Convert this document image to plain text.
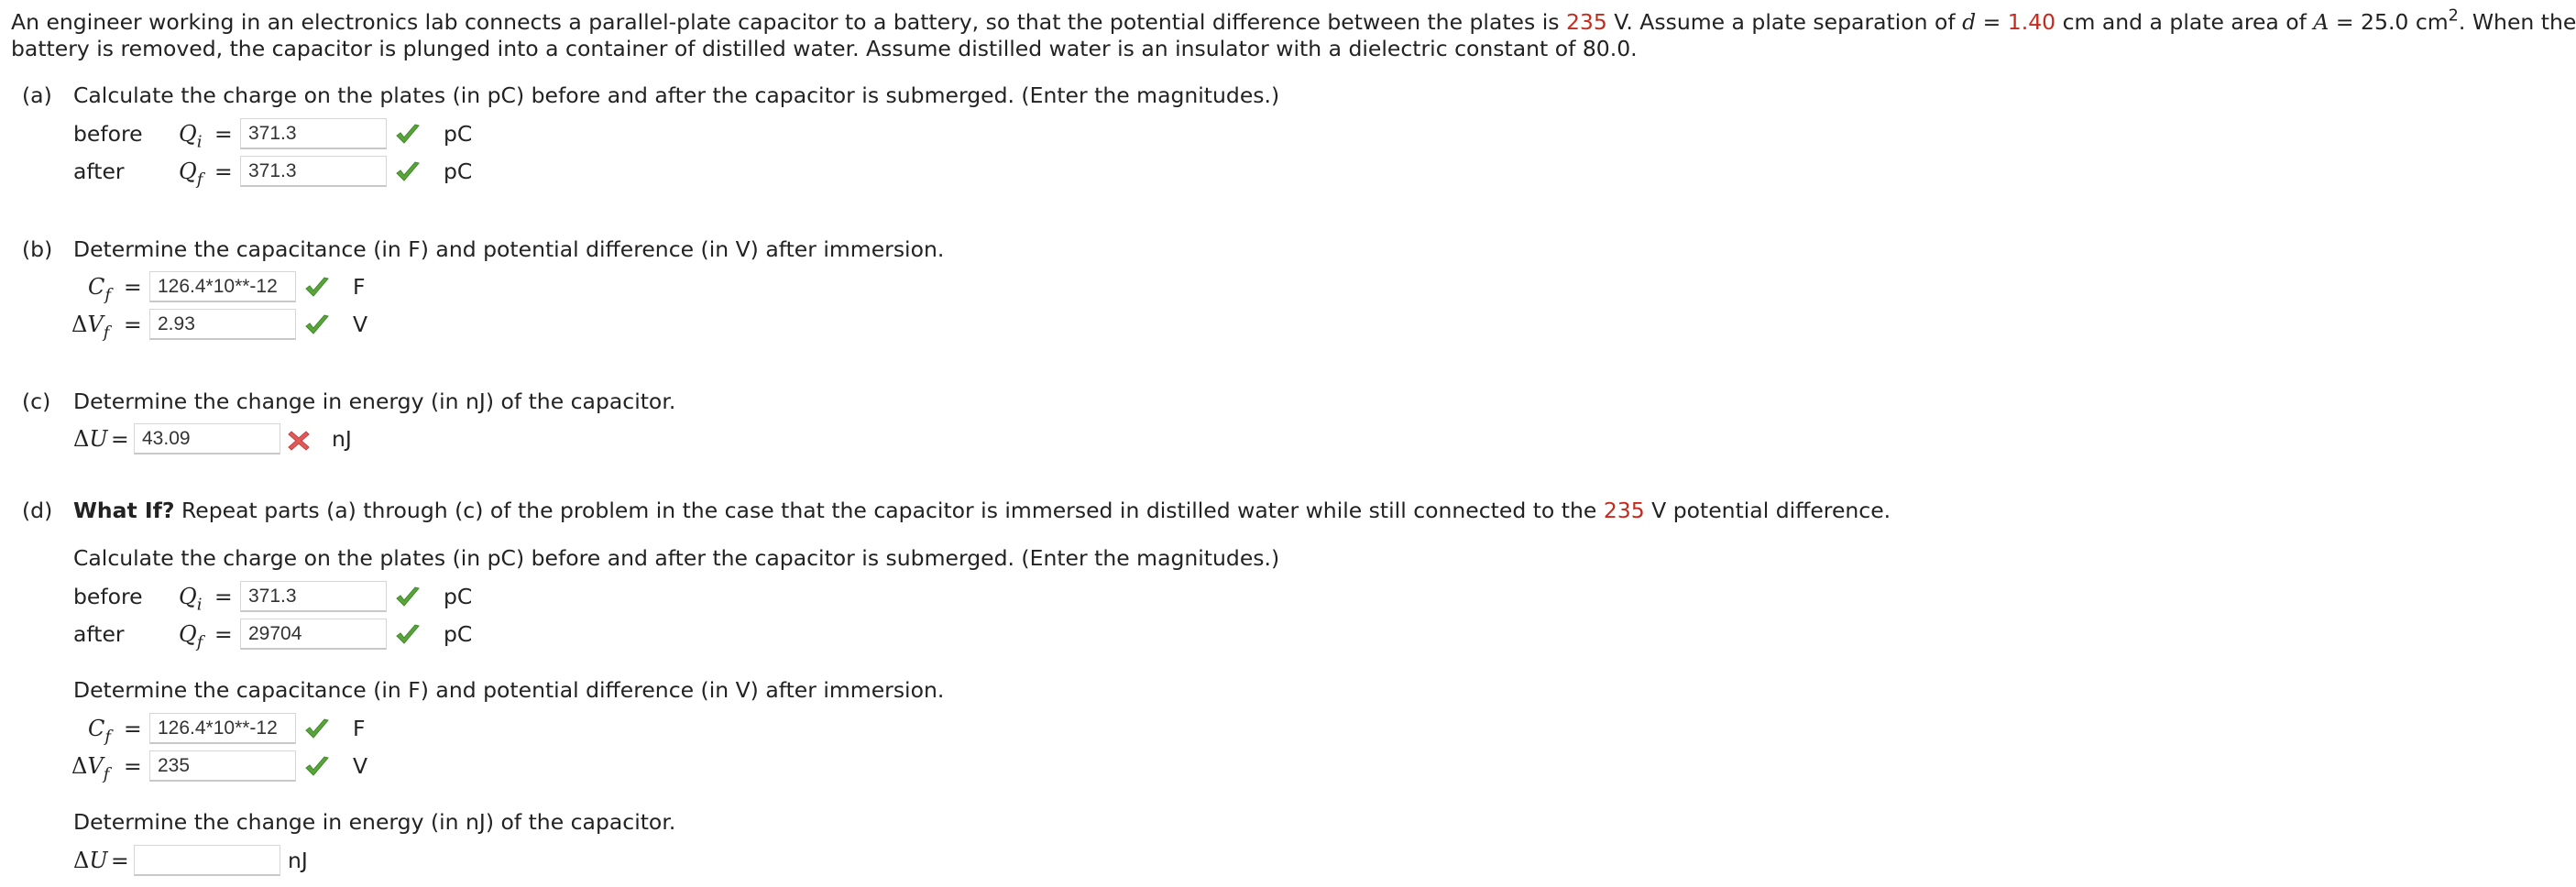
An engineer working in an electronics lab connects a parallel-plate capacitor to a battery, so that the potential difference between the plates is 235 V. Assume a plate separation of d = 1.40 cm and a plate area of A = 25.0 $cm^2$. When the
battery is removed, the capacitor is plunged into a container of distilled water. Assume distilled water is an insulator with a dielectric constant of 80.0.
(a) Calculate the charge on the plates (in pC) before and after the capacitor is submerged. (Enter the magnitudes.)
before $Q_i$ =
371.3	pC
after $Q_f$ =
371.3	pC
(b) Determine the capacitance (in F) and potential difference (in V) after immersion.
$C_f$ =
126.4*10**-12	F
$\Delta V_f$ =
2.93	V
(c) Determine the change in energy (in nJ) of the capacitor.
ΔU =
43.09	nJ
(d) What If? Repeat parts (a) through (c) of the problem in the case that the capacitor is immersed in distilled water while still connected to the 235 V potential difference.
Calculate the charge on the plates (in pC) before and after the capacitor is submerged. (Enter the magnitudes.)
before $Q_i$ =
371.3	pC
after $Q_f$ =
29704	pC
Determine the capacitance (in F) and potential difference (in V) after immersion.
$C_f$ =
126.4*10**-12	F
$\Delta V_f$ =
235	V
Determine the change in energy (in nJ) of the capacitor.
ΔU =	nJ
